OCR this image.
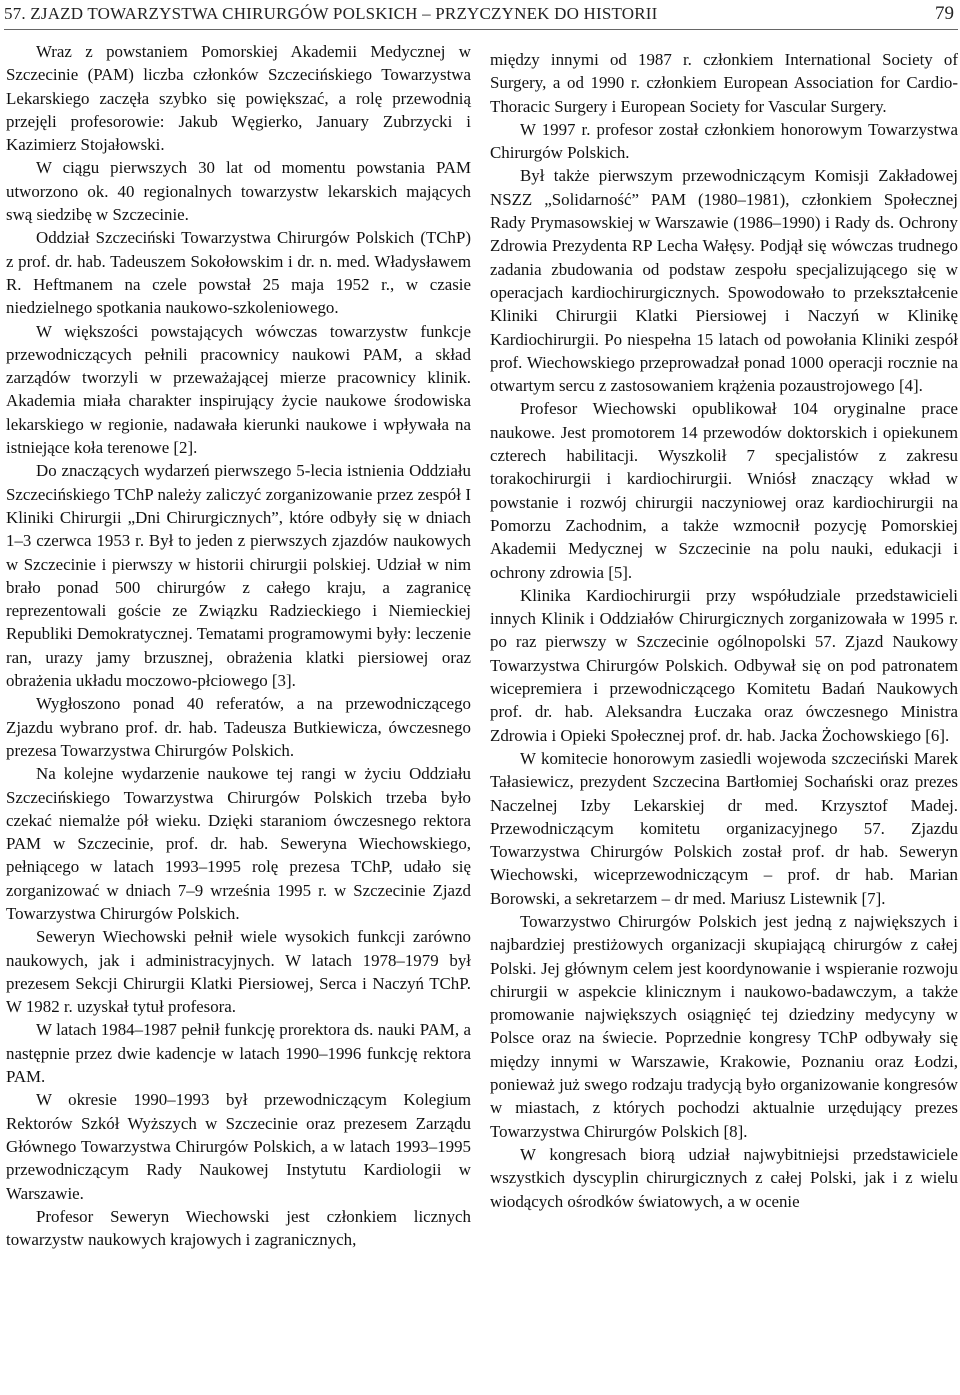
57. ZJAZD TOWARZYSTWA CHIRURGÓW POLSKICH – PRZYCZYNEK DO HISTORII	79

Wraz z powstaniem Pomorskiej Akademii Medycznej w Szczecinie (PAM) liczba członków Szczecińskiego Towarzystwa Lekarskiego zaczęła szybko się powiększać, a rolę przewodnią przejęli profesorowie: Jakub Węgierko, January Zubrzycki i Kazimierz Stojałowski.

W ciągu pierwszych 30 lat od momentu powstania PAM utworzono ok. 40 regionalnych towarzystw lekarskich mających swą siedzibę w Szczecinie.

Oddział Szczeciński Towarzystwa Chirurgów Polskich (TChP) z prof. dr. hab. Tadeuszem Sokołowskim i dr. n. med. Władysławem R. Heftmanem na czele powstał 25 maja 1952 r., w czasie niedzielnego spotkania naukowo-szkoleniowego.

W większości powstających wówczas towarzystw funkcje przewodniczących pełnili pracownicy naukowi PAM, a skład zarządów tworzyli w przeważającej mierze pracownicy klinik. Akademia miała charakter inspirujący życie naukowe środowiska lekarskiego w regionie, nadawała kierunki naukowe i wpływała na istniejące koła terenowe [2].

Do znaczących wydarzeń pierwszego 5-lecia istnienia Oddziału Szczecińskiego TChP należy zaliczyć zorganizowanie przez zespół I Kliniki Chirurgii „Dni Chirurgicznych”, które odbyły się w dniach 1–3 czerwca 1953 r. Był to jeden z pierwszych zjazdów naukowych w Szczecinie i pierwszy w historii chirurgii polskiej. Udział w nim brało ponad 500 chirurgów z całego kraju, a zagranicę reprezentowali goście ze Związku Radzieckiego i Niemieckiej Republiki Demokratycznej. Tematami programowymi były: leczenie ran, urazy jamy brzusznej, obrażenia klatki piersiowej oraz obrażenia układu moczowo-płciowego [3].

Wygłoszono ponad 40 referatów, a na przewodniczącego Zjazdu wybrano prof. dr. hab. Tadeusza Butkiewicza, ówczesnego prezesa Towarzystwa Chirurgów Polskich.

Na kolejne wydarzenie naukowe tej rangi w życiu Oddziału Szczecińskiego Towarzystwa Chirurgów Polskich trzeba było czekać niemalże pół wieku. Dzięki staraniom ówczesnego rektora PAM w Szczecinie, prof. dr. hab. Seweryna Wiechowskiego, pełniącego w latach 1993–1995 rolę prezesa TChP, udało się zorganizować w dniach 7–9 września 1995 r. w Szczecinie Zjazd Towarzystwa Chirurgów Polskich.

Seweryn Wiechowski pełnił wiele wysokich funkcji zarówno naukowych, jak i administracyjnych. W latach 1978–1979 był prezesem Sekcji Chirurgii Klatki Piersiowej, Serca i Naczyń TChP. W 1982 r. uzyskał tytuł profesora.

W latach 1984–1987 pełnił funkcję prorektora ds. nauki PAM, a następnie przez dwie kadencje w latach 1990–1996 funkcję rektora PAM.

W okresie 1990–1993 był przewodniczącym Kolegium Rektorów Szkół Wyższych w Szczecinie oraz prezesem Zarządu Głównego Towarzystwa Chirurgów Polskich, a w latach 1993–1995 przewodniczącym Rady Naukowej Instytutu Kardiologii w Warszawie.

Profesor Seweryn Wiechowski jest członkiem licznych towarzystw naukowych krajowych i zagranicznych,

między innymi od 1987 r. członkiem International Society of Surgery, a od 1990 r. członkiem European Association for Cardio-Thoracic Surgery i European Society for Vascular Surgery.

W 1997 r. profesor został członkiem honorowym Towarzystwa Chirurgów Polskich.

Był także pierwszym przewodniczącym Komisji Zakładowej NSZZ „Solidarność” PAM (1980–1981), członkiem Społecznej Rady Prymasowskiej w Warszawie (1986–1990) i Rady ds. Ochrony Zdrowia Prezydenta RP Lecha Wałęsy. Podjął się wówczas trudnego zadania zbudowania od podstaw zespołu specjalizującego się w operacjach kardiochirurgicznych. Spowodowało to przekształcenie Kliniki Chirurgii Klatki Piersiowej i Naczyń w Klinikę Kardiochirurgii. Po niespełna 15 latach od powołania Kliniki zespół prof. Wiechowskiego przeprowadzał ponad 1000 operacji rocznie na otwartym sercu z zastosowaniem krążenia pozaustrojowego [4].

Profesor Wiechowski opublikował 104 oryginalne prace naukowe. Jest promotorem 14 przewodów doktorskich i opiekunem czterech habilitacji. Wyszkolił 7 specjalistów z zakresu torakochirurgii i kardiochirurgii. Wniósł znaczący wkład w powstanie i rozwój chirurgii naczyniowej oraz kardiochirurgii na Pomorzu Zachodnim, a także wzmocnił pozycję Pomorskiej Akademii Medycznej w Szczecinie na polu nauki, edukacji i ochrony zdrowia [5].

Klinika Kardiochirurgii przy współudziale przedstawicieli innych Klinik i Oddziałów Chirurgicznych zorganizowała w 1995 r. po raz pierwszy w Szczecinie ogólnopolski 57. Zjazd Naukowy Towarzystwa Chirurgów Polskich. Odbywał się on pod patronatem wicepremiera i przewodniczącego Komitetu Badań Naukowych prof. dr. hab. Aleksandra Łuczaka oraz ówczesnego Ministra Zdrowia i Opieki Społecznej prof. dr. hab. Jacka Żochowskiego [6].

W komitecie honorowym zasiedli wojewoda szczeciński Marek Tałasiewicz, prezydent Szczecina Bartłomiej Sochański oraz prezes Naczelnej Izby Lekarskiej dr med. Krzysztof Madej. Przewodniczącym komitetu organizacyjnego 57. Zjazdu Towarzystwa Chirurgów Polskich został prof. dr hab. Seweryn Wiechowski, wiceprzewodniczącym – prof. dr hab. Marian Borowski, a sekretarzem – dr med. Mariusz Listewnik [7].

Towarzystwo Chirurgów Polskich jest jedną z największych i najbardziej prestiżowych organizacji skupiającą chirurgów z całej Polski. Jej głównym celem jest koordynowanie i wspieranie rozwoju chirurgii w aspekcie klinicznym i naukowo-badawczym, a także promowanie największych osiągnięć tej dziedziny medycyny w Polsce oraz na świecie. Poprzednie kongresy TChP odbywały się między innymi w Warszawie, Krakowie, Poznaniu oraz Łodzi, ponieważ już swego rodzaju tradycją było organizowanie kongresów w miastach, z których pochodzi aktualnie urzędujący prezes Towarzystwa Chirurgów Polskich [8].

W kongresach biorą udział najwybitniejsi przedstawiciele wszystkich dyscyplin chirurgicznych z całej Polski, jak i z wielu wiodących ośrodków światowych, a w ocenie
